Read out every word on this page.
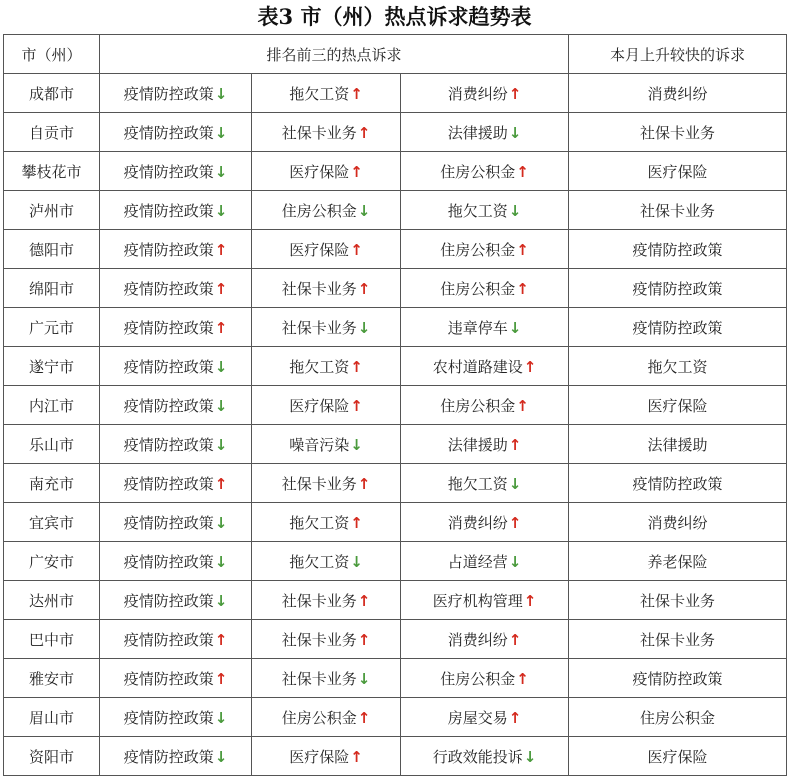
表3 市（州）热点诉求趋势表
市（州）	排名前三的热点诉求			本月上升较快的诉求
成都市	疫情防控政策↓	拖欠工资↑	消费纠纷↑	消费纠纷
自贡市	疫情防控政策↓	社保卡业务↑	法律援助↓	社保卡业务
攀枝花市	疫情防控政策↓	医疗保险↑	住房公积金↑	医疗保险
泸州市	疫情防控政策↓	住房公积金↓	拖欠工资↓	社保卡业务
德阳市	疫情防控政策↑	医疗保险↑	住房公积金↑	疫情防控政策
绵阳市	疫情防控政策↑	社保卡业务↑	住房公积金↑	疫情防控政策
广元市	疫情防控政策↑	社保卡业务↓	违章停车↓	疫情防控政策
遂宁市	疫情防控政策↓	拖欠工资↑	农村道路建设↑	拖欠工资
内江市	疫情防控政策↓	医疗保险↑	住房公积金↑	医疗保险
乐山市	疫情防控政策↓	噪音污染↓	法律援助↑	法律援助
南充市	疫情防控政策↑	社保卡业务↑	拖欠工资↓	疫情防控政策
宜宾市	疫情防控政策↓	拖欠工资↑	消费纠纷↑	消费纠纷
广安市	疫情防控政策↓	拖欠工资↓	占道经营↓	养老保险
达州市	疫情防控政策↓	社保卡业务↑	医疗机构管理↑	社保卡业务
巴中市	疫情防控政策↑	社保卡业务↑	消费纠纷↑	社保卡业务
雅安市	疫情防控政策↑	社保卡业务↓	住房公积金↑	疫情防控政策
眉山市	疫情防控政策↓	住房公积金↑	房屋交易↑	住房公积金
资阳市	疫情防控政策↓	医疗保险↑	行政效能投诉↓	医疗保险
